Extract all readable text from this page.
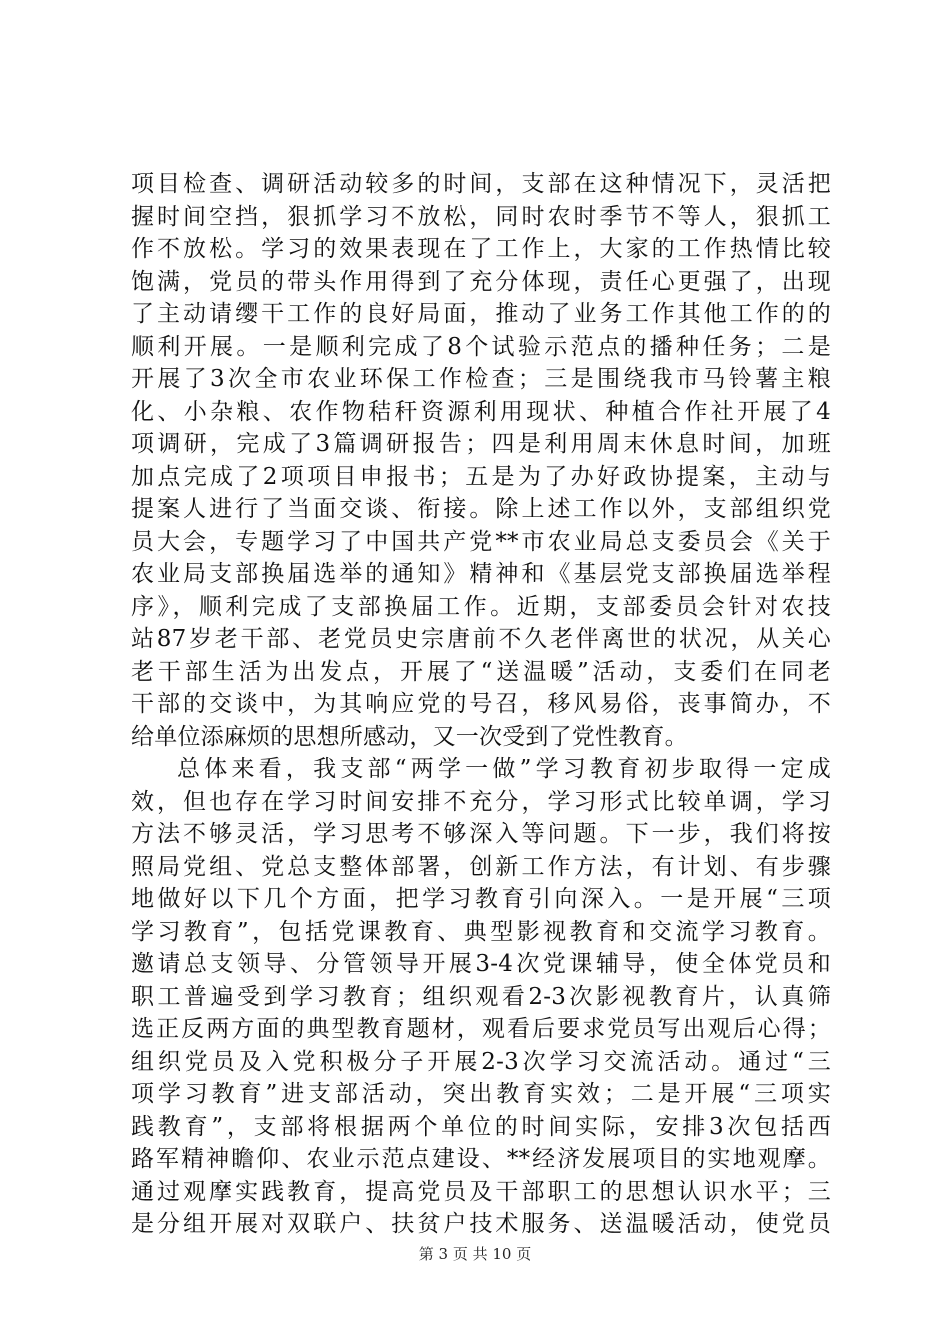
项目检查、调研活动较多的时间，支部在这种情况下，灵活把
握时间空挡，狠抓学习不放松，同时农时季节不等人，狠抓工
作不放松。学习的效果表现在了工作上，大家的工作热情比较
饱满，党员的带头作用得到了充分体现，责任心更强了，出现
了主动请缨干工作的良好局面，推动了业务工作其他工作的的
顺利开展。一是顺利完成了8个试验示范点的播种任务；二是
开展了3次全市农业环保工作检查；三是围绕我市马铃薯主粮
化、小杂粮、农作物秸秆资源利用现状、种植合作社开展了4
项调研，完成了3篇调研报告；四是利用周末休息时间，加班
加点完成了2项项目申报书；五是为了办好政协提案，主动与
提案人进行了当面交谈、衔接。除上述工作以外，支部组织党
员大会，专题学习了中国共产党**市农业局总支委员会《关于
农业局支部换届选举的通知》精神和《基层党支部换届选举程
序》，顺利完成了支部换届工作。近期，支部委员会针对农技
站87岁老干部、老党员史宗唐前不久老伴离世的状况，从关心
老干部生活为出发点，开展了“送温暖”活动，支委们在同老
干部的交谈中，为其响应党的号召，移风易俗，丧事简办，不
给单位添麻烦的思想所感动，又一次受到了党性教育。
总体来看，我支部“两学一做”学习教育初步取得一定成
效，但也存在学习时间安排不充分，学习形式比较单调，学习
方法不够灵活，学习思考不够深入等问题。下一步，我们将按
照局党组、党总支整体部署，创新工作方法，有计划、有步骤
地做好以下几个方面，把学习教育引向深入。一是开展“三项
学习教育”，包括党课教育、典型影视教育和交流学习教育。
邀请总支领导、分管领导开展3-4次党课辅导，使全体党员和
职工普遍受到学习教育；组织观看2-3次影视教育片，认真筛
选正反两方面的典型教育题材，观看后要求党员写出观后心得；
组织党员及入党积极分子开展2-3次学习交流活动。通过“三
项学习教育”进支部活动，突出教育实效；二是开展“三项实
践教育”，支部将根据两个单位的时间实际，安排3次包括西
路军精神瞻仰、农业示范点建设、**经济发展项目的实地观摩。
通过观摩实践教育，提高党员及干部职工的思想认识水平；三
是分组开展对双联户、扶贫户技术服务、送温暖活动，使党员
第 3 页 共 10 页
